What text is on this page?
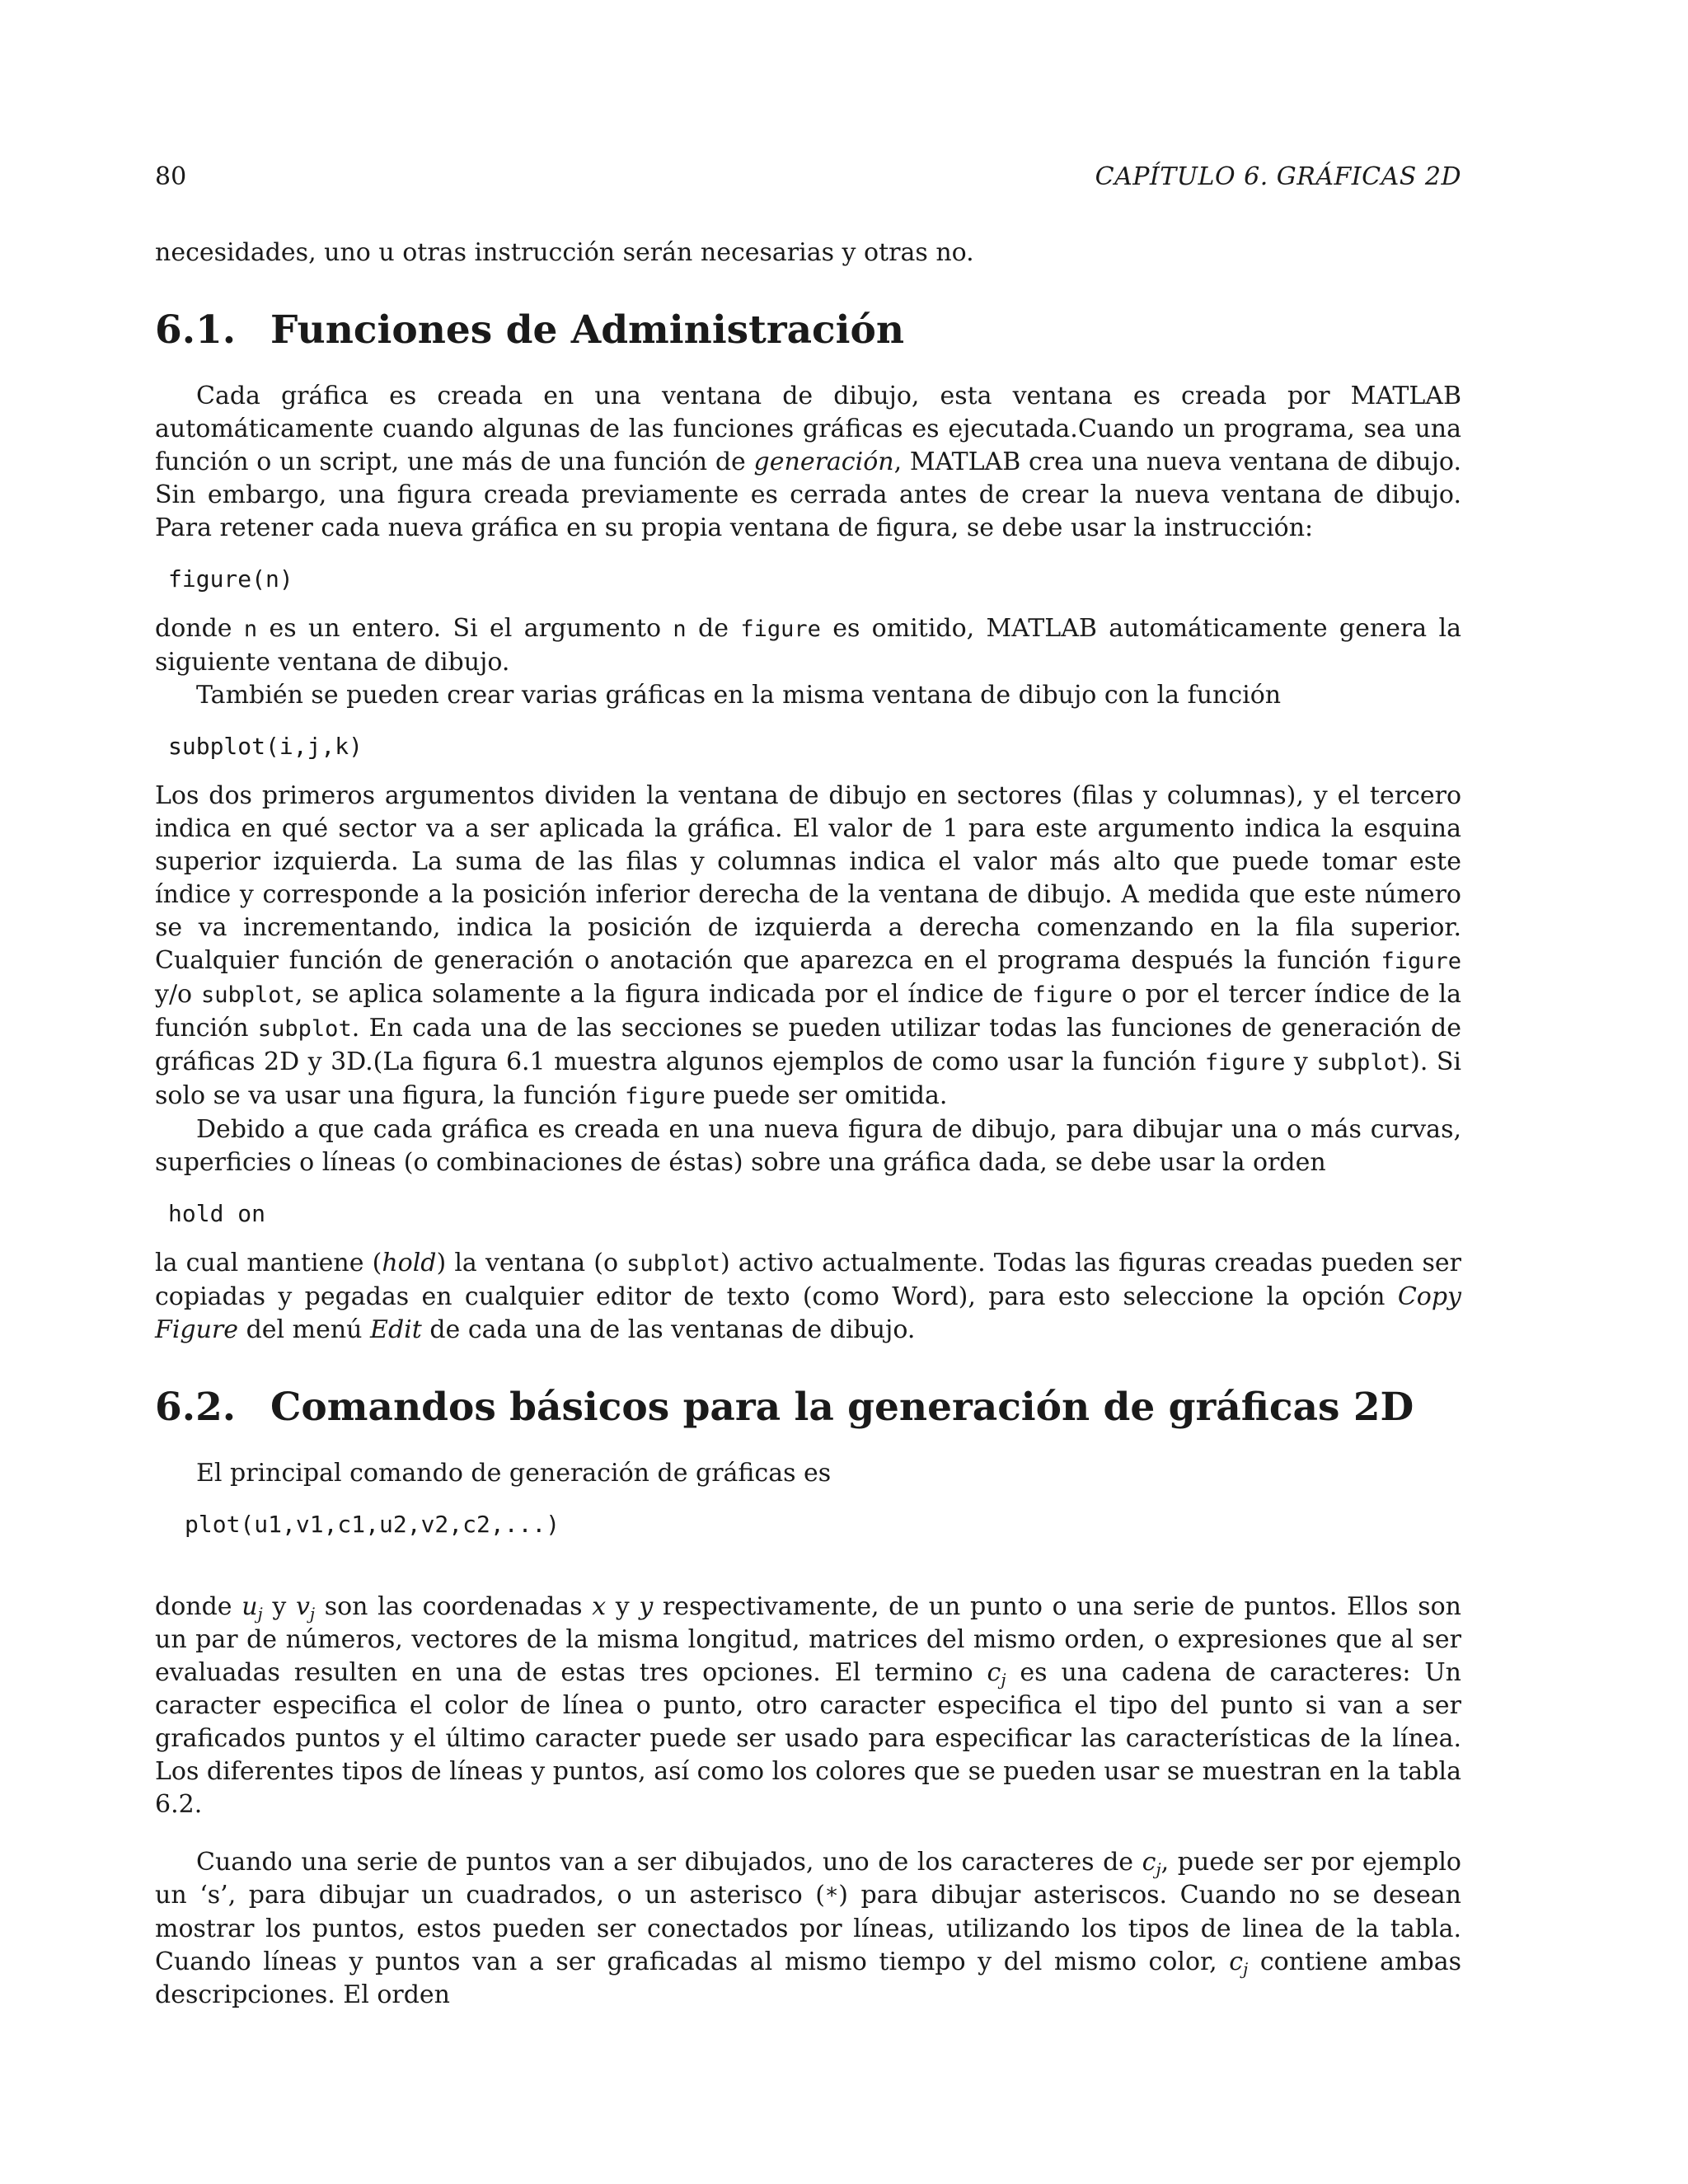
80	CAPÍTULO 6. GRÁFICAS 2D

necesidades, uno u otras instrucción serán necesarias y otras no.

6.1. Funciones de Administración

Cada gráfica es creada en una ventana de dibujo, esta ventana es creada por MATLAB automáticamente cuando algunas de las funciones gráficas es ejecutada.Cuando un programa, sea una función o un script, une más de una función de generación, MATLAB crea una nueva ventana de dibujo. Sin embargo, una figura creada previamente es cerrada antes de crear la nueva ventana de dibujo. Para retener cada nueva gráfica en su propia ventana de figura, se debe usar la instrucción:

figure(n)

donde n es un entero. Si el argumento n de figure es omitido, MATLAB automáticamente genera la siguiente ventana de dibujo.

También se pueden crear varias gráficas en la misma ventana de dibujo con la función

subplot(i,j,k)

Los dos primeros argumentos dividen la ventana de dibujo en sectores (filas y columnas), y el tercero indica en qué sector va a ser aplicada la gráfica. El valor de 1 para este argumento indica la esquina superior izquierda. La suma de las filas y columnas indica el valor más alto que puede tomar este índice y corresponde a la posición inferior derecha de la ventana de dibujo. A medida que este número se va incrementando, indica la posición de izquierda a derecha comenzando en la fila superior. Cualquier función de generación o anotación que aparezca en el programa después la función figure y/o subplot, se aplica solamente a la figura indicada por el índice de figure o por el tercer índice de la función subplot. En cada una de las secciones se pueden utilizar todas las funciones de generación de gráficas 2D y 3D.(La figura 6.1 muestra algunos ejemplos de como usar la función figure y subplot). Si solo se va usar una figura, la función figure puede ser omitida.

Debido a que cada gráfica es creada en una nueva figura de dibujo, para dibujar una o más curvas, superficies o líneas (o combinaciones de éstas) sobre una gráfica dada, se debe usar la orden

hold on

la cual mantiene (hold) la ventana (o subplot) activo actualmente. Todas las figuras creadas pueden ser copiadas y pegadas en cualquier editor de texto (como Word), para esto seleccione la opción Copy Figure del menú Edit de cada una de las ventanas de dibujo.

6.2. Comandos básicos para la generación de gráficas 2D

El principal comando de generación de gráficas es

plot(u1,v1,c1,u2,v2,c2,...)

donde $u_j$ y $v_j$ son las coordenadas x y y respectivamente, de un punto o una serie de puntos. Ellos son un par de números, vectores de la misma longitud, matrices del mismo orden, o expresiones que al ser evaluadas resulten en una de estas tres opciones. El termino $c_j$ es una cadena de caracteres: Un caracter especifica el color de línea o punto, otro caracter especifica el tipo del punto si van a ser graficados puntos y el último caracter puede ser usado para especificar las características de la línea. Los diferentes tipos de líneas y puntos, así como los colores que se pueden usar se muestran en la tabla 6.2.

Cuando una serie de puntos van a ser dibujados, uno de los caracteres de $c_j$, puede ser por ejemplo un ‘s’, para dibujar un cuadrados, o un asterisco (*) para dibujar asteriscos. Cuando no se desean mostrar los puntos, estos pueden ser conectados por líneas, utilizando los tipos de linea de la tabla. Cuando líneas y puntos van a ser graficadas al mismo tiempo y del mismo color, $c_j$ contiene ambas descripciones. El orden
